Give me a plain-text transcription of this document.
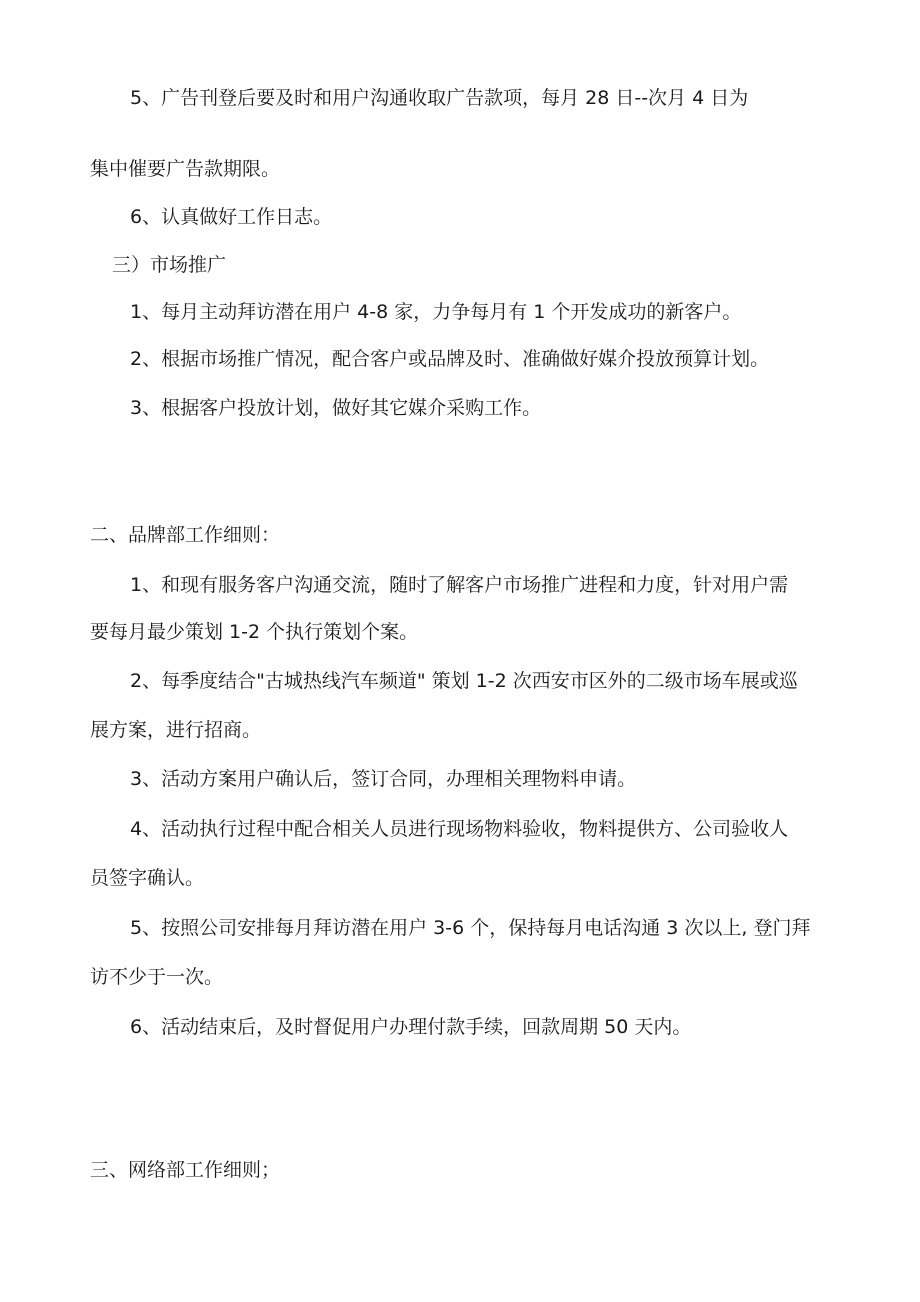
5、广告刊登后要及时和用户沟通收取广告款项，每月 28 日--次月 4 日为
集中催要广告款期限。
6、认真做好工作日志。
三）市场推广
1、每月主动拜访潜在用户 4-8 家，力争每月有 1 个开发成功的新客户。
2、根据市场推广情况，配合客户或品牌及时、准确做好媒介投放预算计划。
3、根据客户投放计划，做好其它媒介采购工作。
二、品牌部工作细则：
1、和现有服务客户沟通交流，随时了解客户市场推广进程和力度，针对用户需
要每月最少策划 1-2 个执行策划个案。
2、每季度结合"古城热线汽车频道" 策划 1-2 次西安市区外的二级市场车展或巡
展方案，进行招商。
3、活动方案用户确认后，签订合同，办理相关理物料申请。
4、活动执行过程中配合相关人员进行现场物料验收，物料提供方、公司验收人
员签字确认。
5、按照公司安排每月拜访潜在用户 3-6 个，保持每月电话沟通 3 次以上, 登门拜
访不少于一次。
6、活动结束后，及时督促用户办理付款手续，回款周期 50 天内。
三、网络部工作细则；
